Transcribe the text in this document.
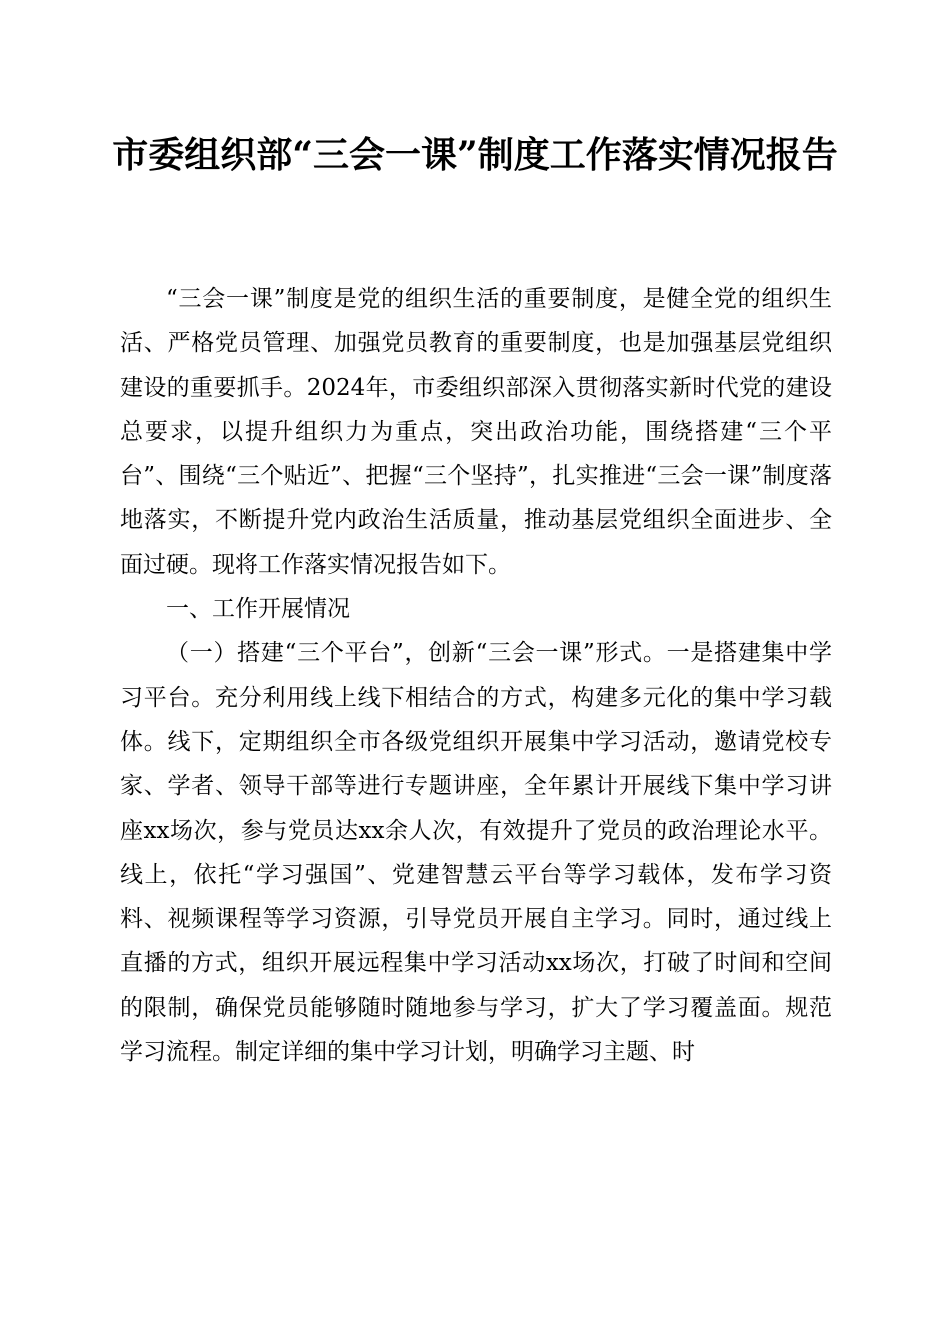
市委组织部“三会一课”制度工作落实情况报告

“三会一课”制度是党的组织生活的重要制度，是健全党的组织生活、严格党员管理、加强党员教育的重要制度，也是加强基层党组织建设的重要抓手。2024年，市委组织部深入贯彻落实新时代党的建设总要求，以提升组织力为重点，突出政治功能，围绕搭建“三个平台”、围绕“三个贴近”、把握“三个坚持”，扎实推进“三会一课”制度落地落实，不断提升党内政治生活质量，推动基层党组织全面进步、全面过硬。现将工作落实情况报告如下。

一、工作开展情况

（一）搭建“三个平台”，创新“三会一课”形式。一是搭建集中学习平台。充分利用线上线下相结合的方式，构建多元化的集中学习载体。线下，定期组织全市各级党组织开展集中学习活动，邀请党校专家、学者、领导干部等进行专题讲座，全年累计开展线下集中学习讲座xx场次，参与党员达xx余人次，有效提升了党员的政治理论水平。线上，依托“学习强国”、党建智慧云平台等学习载体，发布学习资料、视频课程等学习资源，引导党员开展自主学习。同时，通过线上直播的方式，组织开展远程集中学习活动xx场次，打破了时间和空间的限制，确保党员能够随时随地参与学习，扩大了学习覆盖面。规范学习流程。制定详细的集中学习计划，明确学习主题、时
